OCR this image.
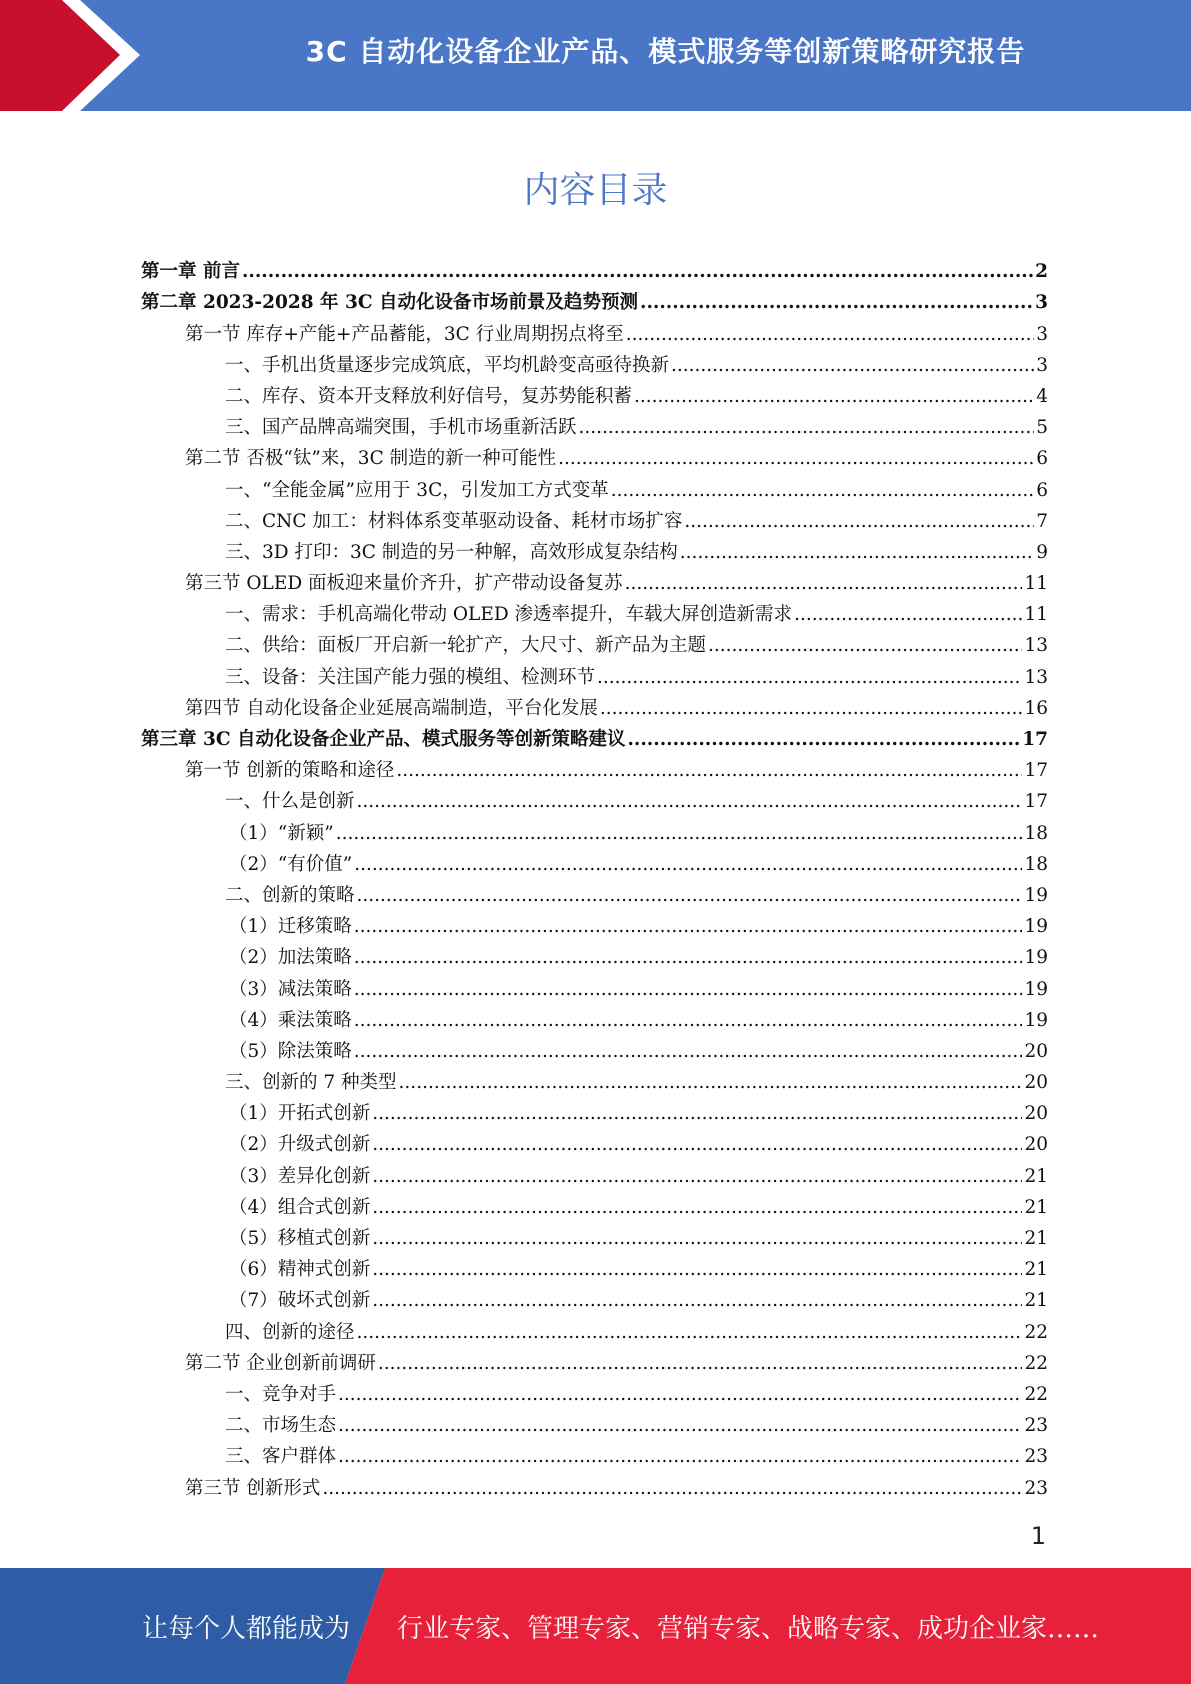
3C 自动化设备企业产品、模式服务等创新策略研究报告
内容目录
第一章 前言 .....	2
第二章 2023-2028 年 3C 自动化设备市场前景及趋势预测 .....	3
第一节 库存+产能+产品蓄能，3C 行业周期拐点将至 .....	3
一、手机出货量逐步完成筑底，平均机龄变高亟待换新 .....	3
二、库存、资本开支释放利好信号，复苏势能积蓄 .....	4
三、国产品牌高端突围，手机市场重新活跃 .....	5
第二节 否极“钛”来，3C 制造的新一种可能性 .....	6
一、“全能金属”应用于 3C，引发加工方式变革 .....	6
二、CNC 加工：材料体系变革驱动设备、耗材市场扩容 .....	7
三、3D 打印：3C 制造的另一种解，高效形成复杂结构 .....	9
第三节 OLED 面板迎来量价齐升，扩产带动设备复苏 .....	11
一、需求：手机高端化带动 OLED 渗透率提升，车载大屏创造新需求 .....	11
二、供给：面板厂开启新一轮扩产，大尺寸、新产品为主题 .....	13
三、设备：关注国产能力强的模组、检测环节 .....	13
第四节 自动化设备企业延展高端制造，平台化发展 .....	16
第三章 3C 自动化设备企业产品、模式服务等创新策略建议 .....	17
第一节 创新的策略和途径 .....	17
一、什么是创新 .....	17
（1）“新颖” .....	18
（2）“有价值” .....	18
二、创新的策略 .....	19
（1）迁移策略 .....	19
（2）加法策略 .....	19
（3）减法策略 .....	19
（4）乘法策略 .....	19
（5）除法策略 .....	20
三、创新的 7 种类型 .....	20
（1）开拓式创新 .....	20
（2）升级式创新 .....	20
（3）差异化创新 .....	21
（4）组合式创新 .....	21
（5）移植式创新 .....	21
（6）精神式创新 .....	21
（7）破坏式创新 .....	21
四、创新的途径 .....	22
第二节 企业创新前调研 .....	22
一、竞争对手 .....	22
二、市场生态 .....	23
三、客户群体 .....	23
第三节 创新形式 .....	23
1
让每个人都能成为 行业专家、管理专家、营销专家、战略专家、成功企业家……
